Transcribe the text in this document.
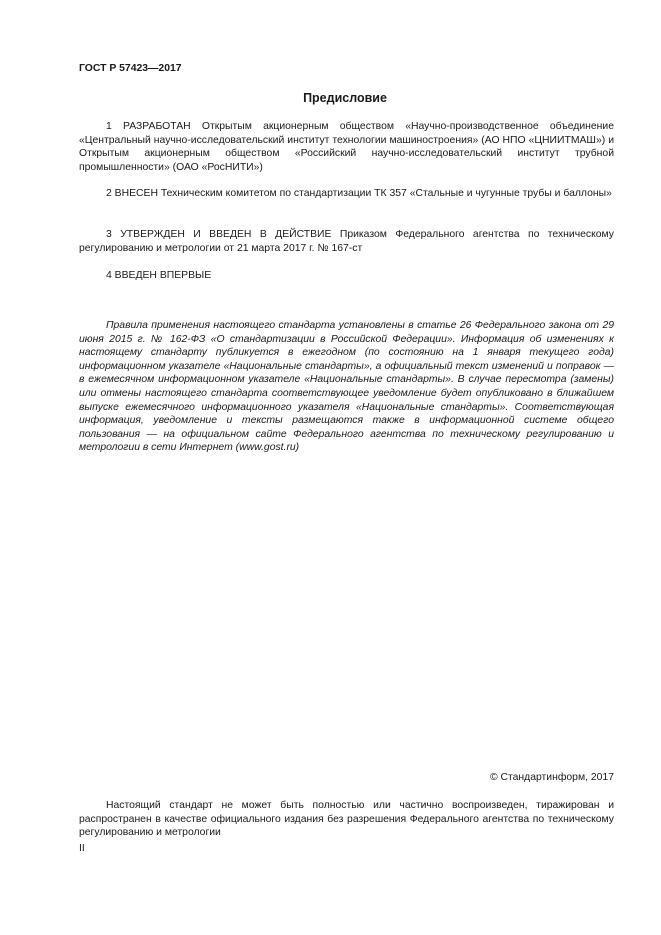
ГОСТ Р 57423—2017
Предисловие
1 РАЗРАБОТАН Открытым акционерным обществом «Научно-производственное объединение «Центральный научно-исследовательский институт технологии машиностроения» (АО НПО «ЦНИИТМАШ») и Открытым акционерным обществом «Российский научно-исследовательский институт трубной промышленности» (ОАО «РосНИТИ»)
2 ВНЕСЕН Техническим комитетом по стандартизации ТК 357 «Стальные и чугунные трубы и баллоны»
3 УТВЕРЖДЕН И ВВЕДЕН В ДЕЙСТВИЕ Приказом Федерального агентства по техническому регулированию и метрологии от 21 марта 2017 г. № 167-ст
4 ВВЕДЕН ВПЕРВЫЕ
Правила применения настоящего стандарта установлены в статье 26 Федерального закона от 29 июня 2015 г. № 162-ФЗ «О стандартизации в Российской Федерации». Информация об изменениях к настоящему стандарту публикуется в ежегодном (по состоянию на 1 января текущего года) информационном указателе «Национальные стандарты», а официальный текст изменений и поправок — в ежемесячном информационном указателе «Национальные стандарты». В случае пересмотра (замены) или отмены настоящего стандарта соответствующее уведомление будет опубликовано в ближайшем выпуске ежемесячного информационного указателя «Национальные стандарты». Соответствующая информация, уведомление и тексты размещаются также в информационной системе общего пользования — на официальном сайте Федерального агентства по техническому регулированию и метрологии в сети Интернет (www.gost.ru)
© Стандартинформ, 2017
Настоящий стандарт не может быть полностью или частично воспроизведен, тиражирован и распространен в качестве официального издания без разрешения Федерального агентства по техническому регулированию и метрологии
II
